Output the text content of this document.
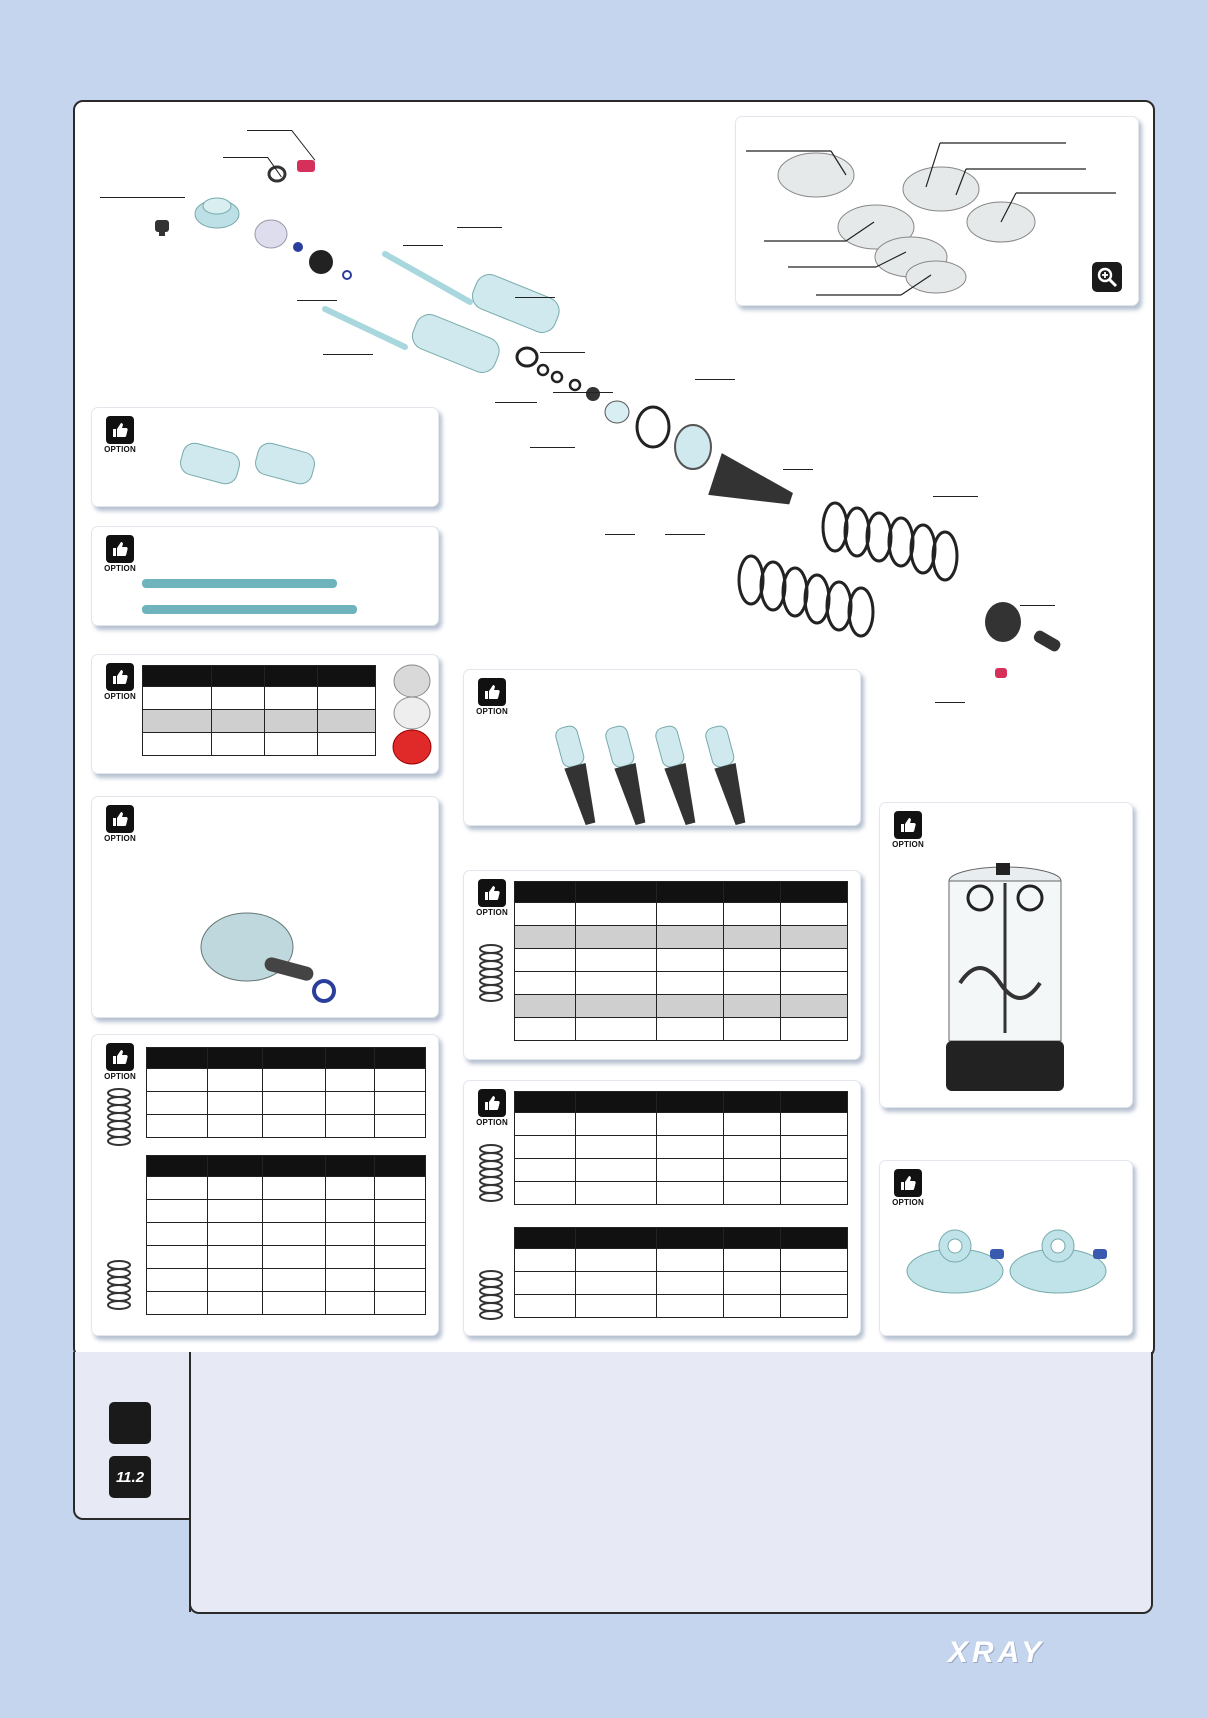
OPTION
OPTION
OPTION

OPTION
OPTION

OPTION
OPTION

OPTION

OPTION
OPTION
11.2
XRAY
